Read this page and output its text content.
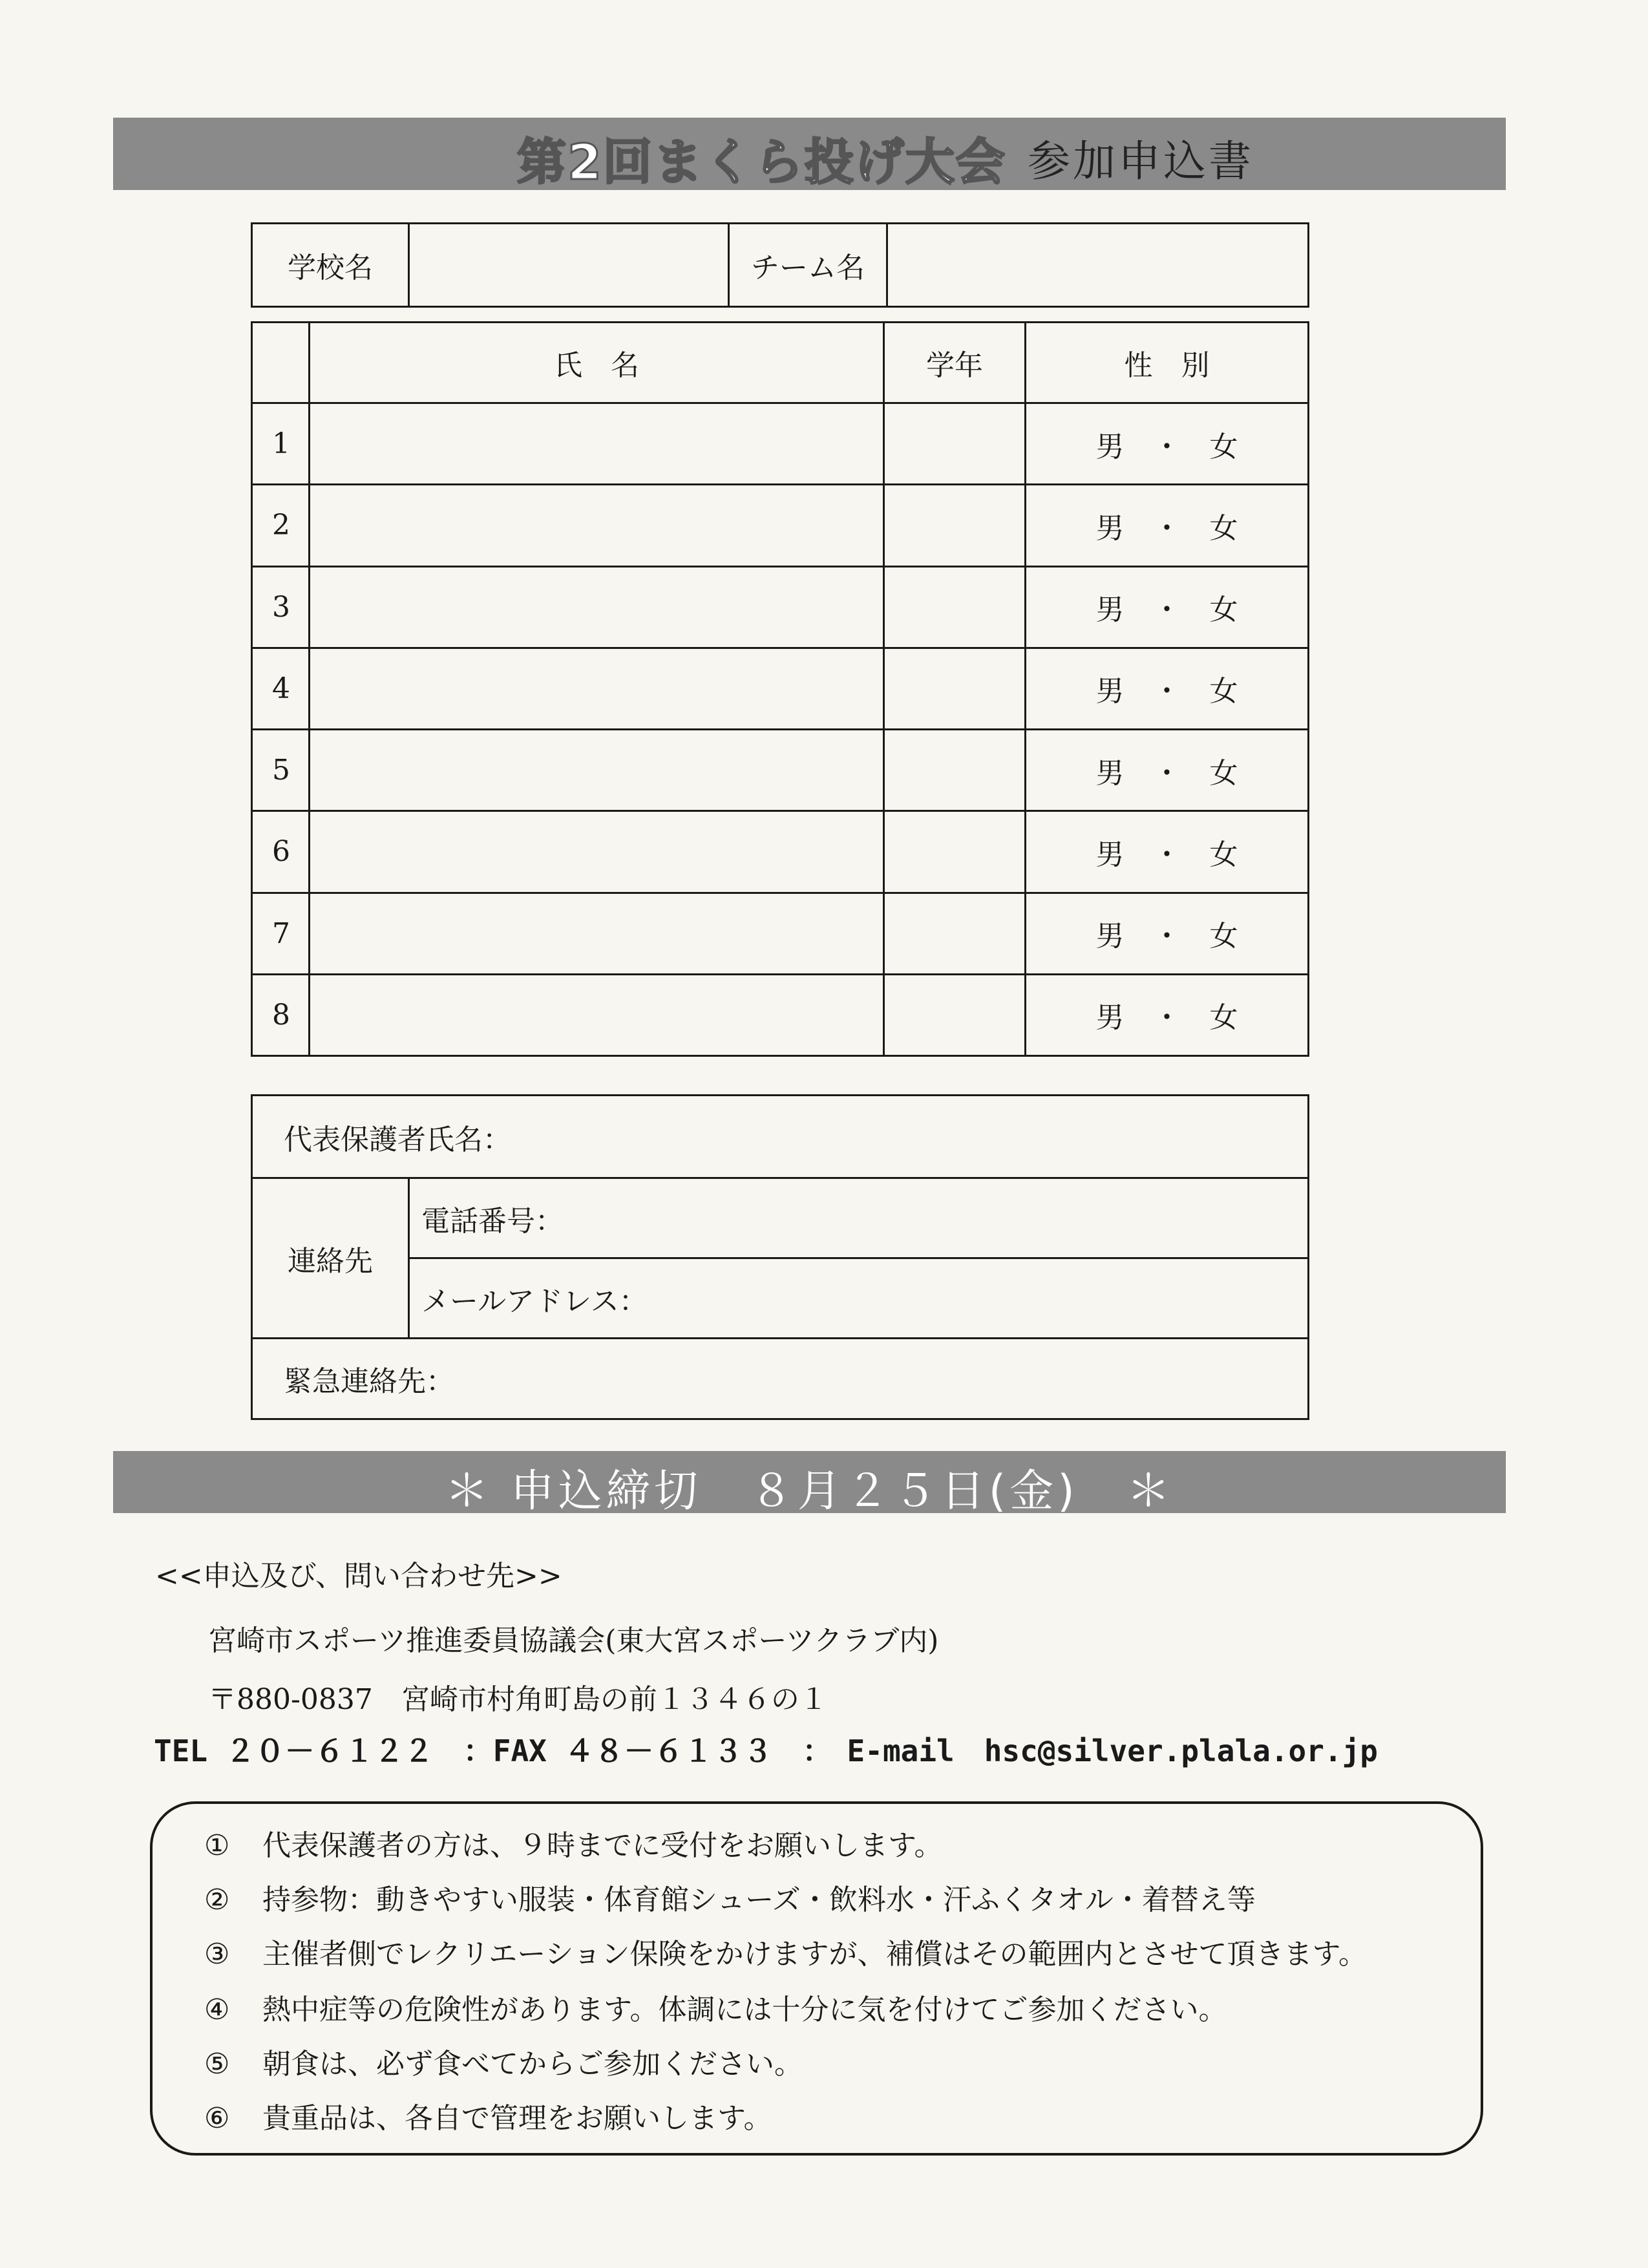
第2回まくら投げ大会 参加申込書
学校名		チーム名	
	氏　名	学年	性　別
1			男　・　女
2			男　・　女
3			男　・　女
4			男　・　女
5			男　・　女
6			男　・　女
7			男　・　女
8			男　・　女
代表保護者氏名：
連絡先	電話番号：
メールアドレス：
緊急連絡先：
＊ 申込締切　８月２５日(金)　＊
<<申込及び、問い合わせ先>>
宮崎市スポーツ推進委員協議会(東大宮スポーツクラブ内)
〒880-0837　宮崎市村角町島の前１３４６の１
TEL ２０－６１２２　：FAX ４８－６１３３　：　E-mail　hsc@silver.plala.or.jp
① 代表保護者の方は、９時までに受付をお願いします。
② 持参物：動きやすい服装・体育館シューズ・飲料水・汗ふくタオル・着替え等
③ 主催者側でレクリエーション保険をかけますが、補償はその範囲内とさせて頂きます。
④ 熱中症等の危険性があります。体調には十分に気を付けてご参加ください。
⑤ 朝食は、必ず食べてからご参加ください。
⑥ 貴重品は、各自で管理をお願いします。
